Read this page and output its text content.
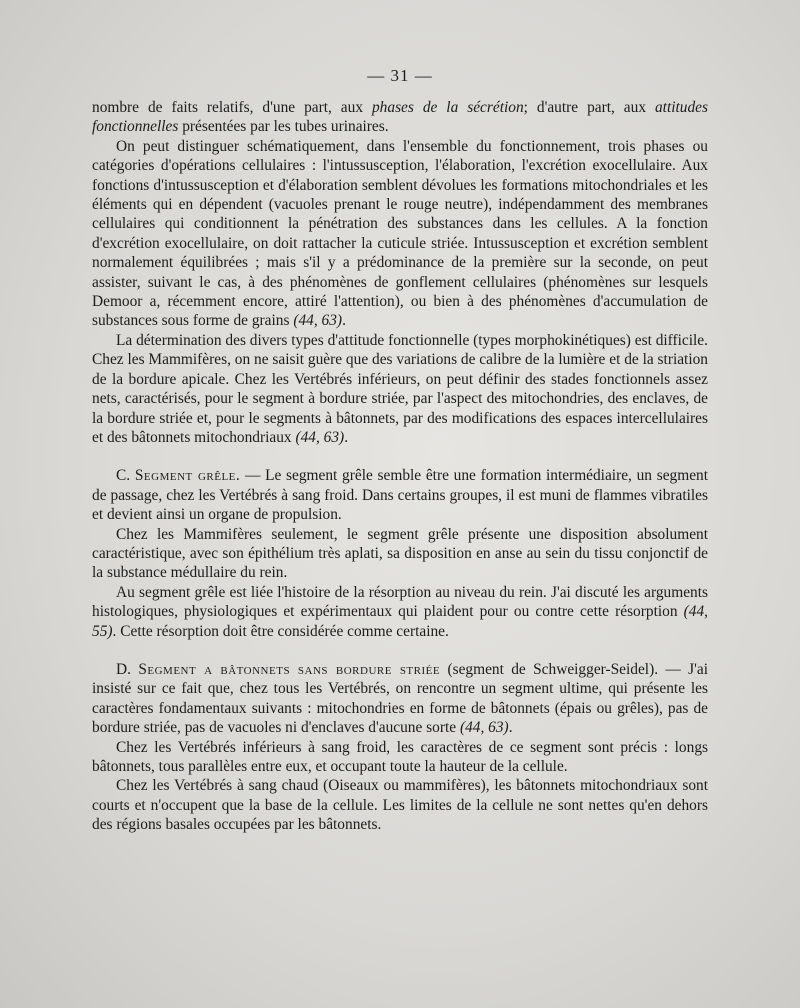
— 31 —

nombre de faits relatifs, d'une part, aux phases de la sécrétion; d'autre part, aux attitudes fonctionnelles présentées par les tubes urinaires.

On peut distinguer schématiquement, dans l'ensemble du fonctionnement, trois phases ou catégories d'opérations cellulaires : l'intussusception, l'élaboration, l'excrétion exocellulaire. Aux fonctions d'intussusception et d'élaboration semblent dévolues les formations mitochondriales et les éléments qui en dépendent (vacuoles prenant le rouge neutre), indépendamment des membranes cellulaires qui conditionnent la pénétration des substances dans les cellules. A la fonction d'excrétion exocellulaire, on doit rattacher la cuticule striée. Intussusception et excrétion semblent normalement équilibrées ; mais s'il y a prédominance de la première sur la seconde, on peut assister, suivant le cas, à des phénomènes de gonflement cellulaires (phénomènes sur lesquels Demoor a, récemment encore, attiré l'attention), ou bien à des phénomènes d'accumulation de substances sous forme de grains (44, 63).

La détermination des divers types d'attitude fonctionnelle (types morphokinétiques) est difficile. Chez les Mammifères, on ne saisit guère que des variations de calibre de la lumière et de la striation de la bordure apicale. Chez les Vertébrés inférieurs, on peut définir des stades fonctionnels assez nets, caractérisés, pour le segment à bordure striée, par l'aspect des mitochondries, des enclaves, de la bordure striée et, pour le segments à bâtonnets, par des modifications des espaces intercellulaires et des bâtonnets mitochondriaux (44, 63).

C. Segment grêle. — Le segment grêle semble être une formation intermédiaire, un segment de passage, chez les Vertébrés à sang froid. Dans certains groupes, il est muni de flammes vibratiles et devient ainsi un organe de propulsion.

Chez les Mammifères seulement, le segment grêle présente une disposition absolument caractéristique, avec son épithélium très aplati, sa disposition en anse au sein du tissu conjonctif de la substance médullaire du rein.

Au segment grêle est liée l'histoire de la résorption au niveau du rein. J'ai discuté les arguments histologiques, physiologiques et expérimentaux qui plaident pour ou contre cette résorption (44, 55). Cette résorption doit être considérée comme certaine.

D. Segment a bâtonnets sans bordure striée (segment de Schweigger-Seidel). — J'ai insisté sur ce fait que, chez tous les Vertébrés, on rencontre un segment ultime, qui présente les caractères fondamentaux suivants : mitochondries en forme de bâtonnets (épais ou grêles), pas de bordure striée, pas de vacuoles ni d'enclaves d'aucune sorte (44, 63).

Chez les Vertébrés inférieurs à sang froid, les caractères de ce segment sont précis : longs bâtonnets, tous parallèles entre eux, et occupant toute la hauteur de la cellule.

Chez les Vertébrés à sang chaud (Oiseaux ou mammifères), les bâtonnets mitochondriaux sont courts et n'occupent que la base de la cellule. Les limites de la cellule ne sont nettes qu'en dehors des régions basales occupées par les bâtonnets.
